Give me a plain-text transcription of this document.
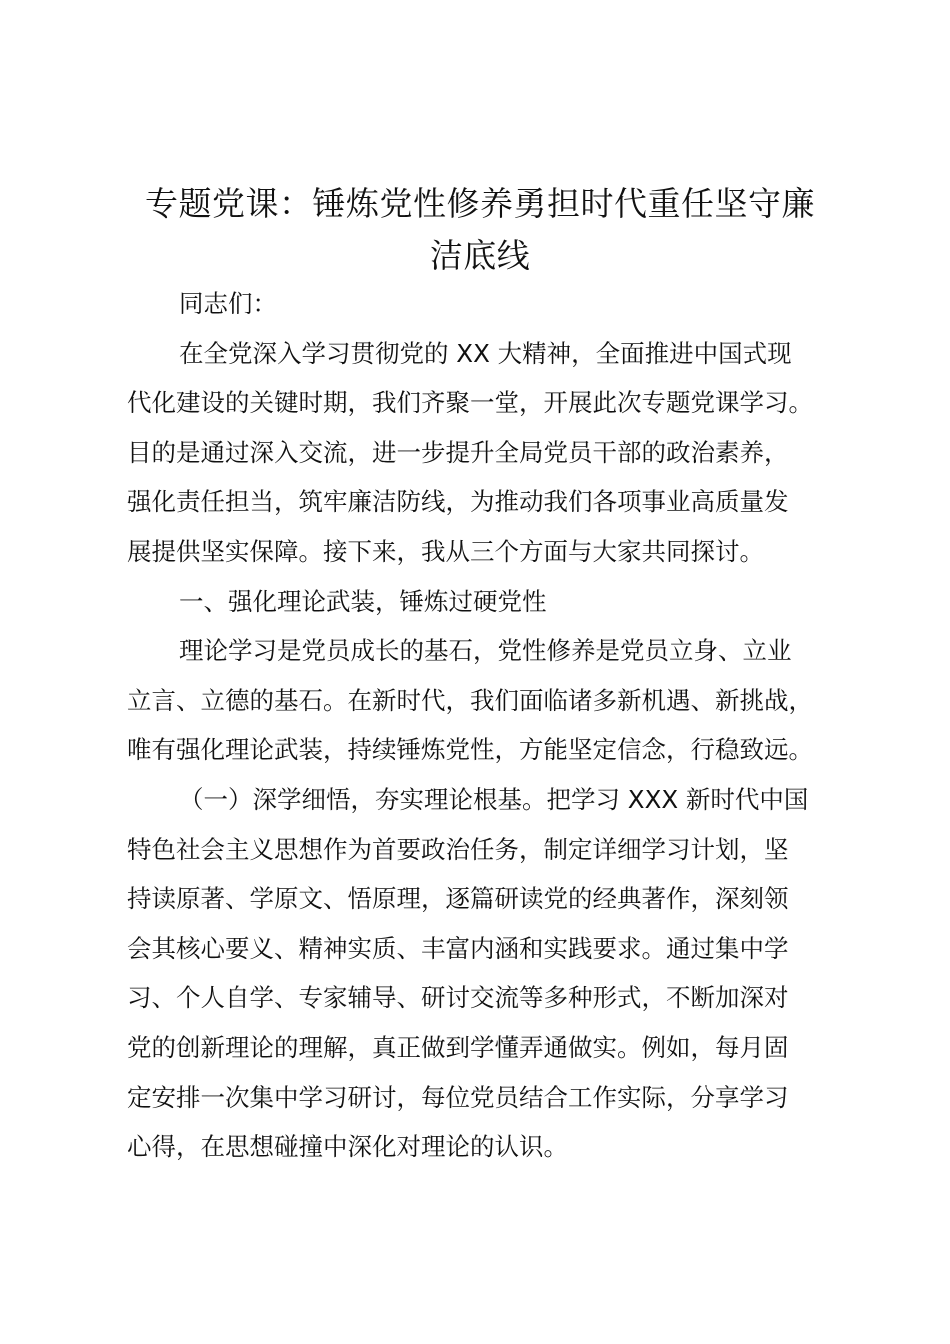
专题党课：锤炼党性修养勇担时代重任坚守廉
洁底线
同志们：
在全党深入学习贯彻党的 XX 大精神，全面推进中国式现
代化建设的关键时期，我们齐聚一堂，开展此次专题党课学习。
目的是通过深入交流，进一步提升全局党员干部的政治素养，
强化责任担当，筑牢廉洁防线，为推动我们各项事业高质量发
展提供坚实保障。接下来，我从三个方面与大家共同探讨。
一、强化理论武装，锤炼过硬党性
理论学习是党员成长的基石，党性修养是党员立身、立业
立言、立德的基石。在新时代，我们面临诸多新机遇、新挑战，
唯有强化理论武装，持续锤炼党性，方能坚定信念，行稳致远。
（一）深学细悟，夯实理论根基。把学习 XXX 新时代中国
特色社会主义思想作为首要政治任务，制定详细学习计划，坚
持读原著、学原文、悟原理，逐篇研读党的经典著作，深刻领
会其核心要义、精神实质、丰富内涵和实践要求。通过集中学
习、个人自学、专家辅导、研讨交流等多种形式，不断加深对
党的创新理论的理解，真正做到学懂弄通做实。例如，每月固
定安排一次集中学习研讨，每位党员结合工作实际，分享学习
心得，在思想碰撞中深化对理论的认识。
